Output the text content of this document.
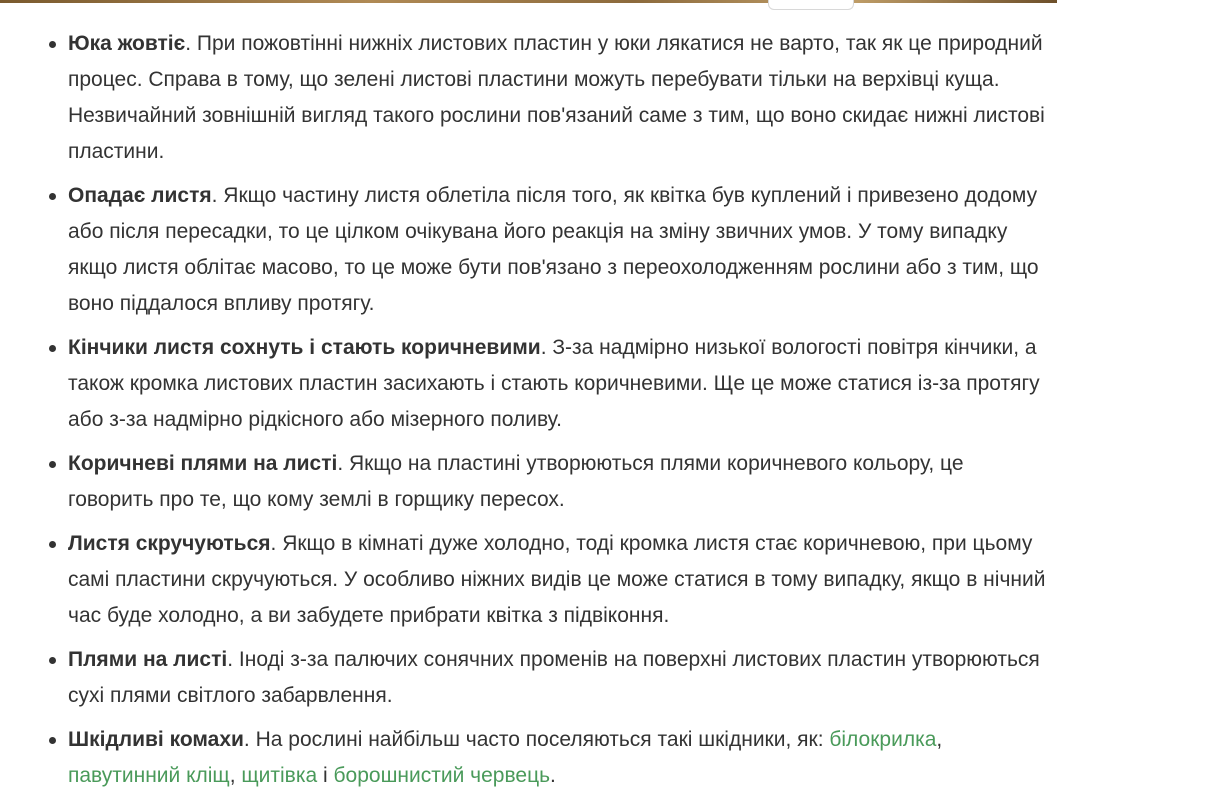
Юка жовтіє. При пожовтінні нижніх листових пластин у юки лякатися не варто, так як це природний процес. Справа в тому, що зелені листові пластини можуть перебувати тільки на верхівці куща. Незвичайний зовнішній вигляд такого рослини пов'язаний саме з тим, що воно скидає нижні листові пластини.
Опадає листя. Якщо частину листя облетіла після того, як квітка був куплений і привезено додому або після пересадки, то це цілком очікувана його реакція на зміну звичних умов. У тому випадку якщо листя облітає масово, то це може бути пов'язано з переохолодженням рослини або з тим, що воно піддалося впливу протягу.
Кінчики листя сохнуть і стають коричневими. З-за надмірно низької вологості повітря кінчики, а також кромка листових пластин засихають і стають коричневими. Ще це може статися із-за протягу або з-за надмірно рідкісного або мізерного поливу.
Коричневі плями на листі. Якщо на пластині утворюються плями коричневого кольору, це говорить про те, що кому землі в горщику пересох.
Листя скручуються. Якщо в кімнаті дуже холодно, тоді кромка листя стає коричневою, при цьому самі пластини скручуються. У особливо ніжних видів це може статися в тому випадку, якщо в нічний час буде холодно, а ви забудете прибрати квітка з підвіконня.
Плями на листі. Іноді з-за палючих сонячних променів на поверхні листових пластин утворюються сухі плями світлого забарвлення.
Шкідливі комахи. На рослині найбільш часто поселяються такі шкідники, як: білокрилка, павутинний кліщ, щитівка і борошнистий червець.
